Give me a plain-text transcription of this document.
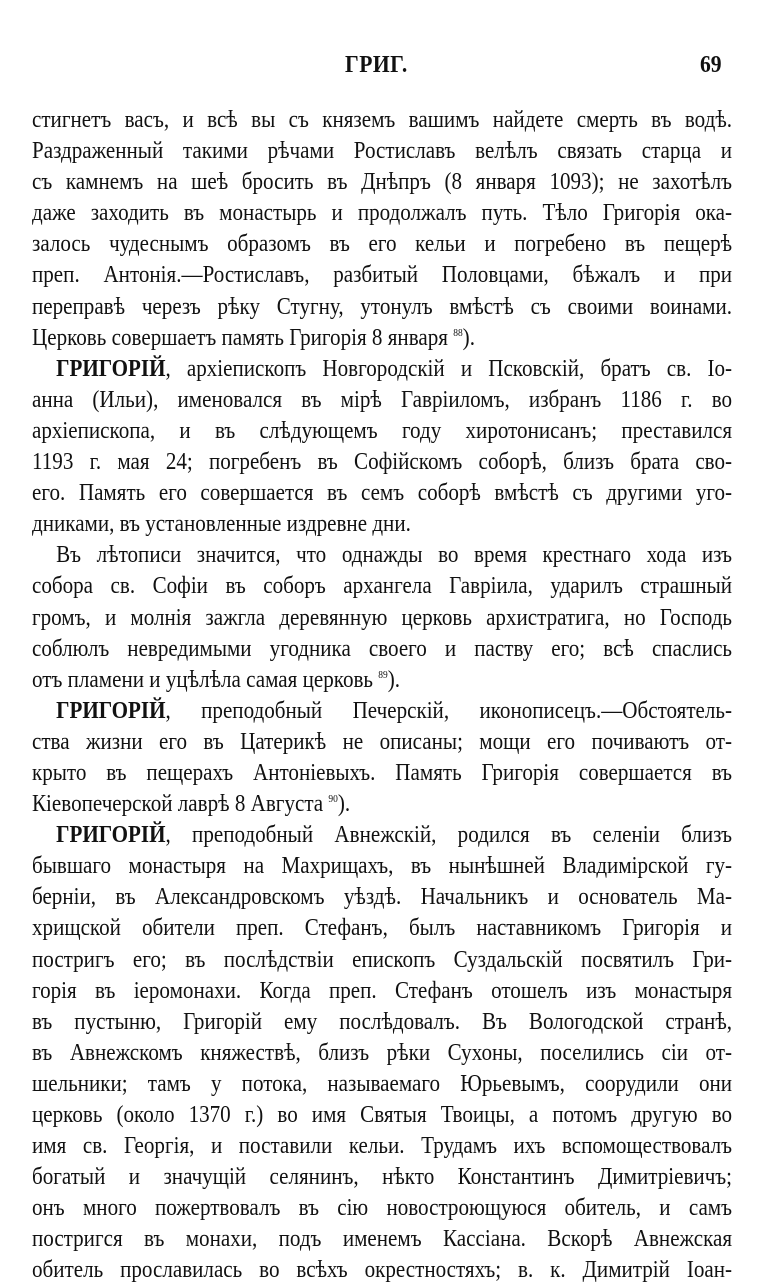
ГРИГ.	69
стигнетъ васъ, и всѣ вы съ княземъ вашимъ найдете смерть въ водѣ.
Раздраженный такими рѣчами Ростиславъ велѣлъ связать старца и
съ камнемъ на шеѣ бросить въ Днѣпръ (8 января 1093); не захотѣлъ
даже заходить въ монастырь и продолжалъ путь. Тѣло Григорія ока-
залось чудеснымъ образомъ въ его кельи и погребено въ пещерѣ
преп. Антонія.—Ростиславъ, разбитый Половцами, бѣжалъ и при
переправѣ черезъ рѣку Стугну, утонулъ вмѣстѣ съ своими воинами.
Церковь совершаетъ память Григорія 8 января $^{88}$).
ГРИГОРІЙ, архіепископъ Новгородскій и Псковскій, братъ св. Іо-
анна (Ильи), именовался въ мірѣ Гавріиломъ, избранъ 1186 г. во
архіепископа, и въ слѣдующемъ году хиротонисанъ; преставился
1193 г. мая 24; погребенъ въ Софійскомъ соборѣ, близъ брата сво-
его. Память его совершается въ семъ соборѣ вмѣстѣ съ другими уго-
дниками, въ установленные издревне дни.
Въ лѣтописи значится, что однажды во время крестнаго хода изъ
собора св. Софіи въ соборъ архангела Гавріила, ударилъ страшный
громъ, и молнія зажгла деревянную церковь архистратига, но Господь
соблюлъ невредимыми угодника своего и паству его; всѣ спаслись
отъ пламени и уцѣлѣла самая церковь $^{89}$).
ГРИГОРІЙ, преподобный Печерскій, иконописецъ.—Обстоятель-
ства жизни его въ Цатерикѣ не описаны; мощи его почиваютъ от-
крыто въ пещерахъ Антоніевыхъ. Память Григорія совершается въ
Кіевопечерской лаврѣ 8 Августа $^{90}$).
ГРИГОРІЙ, преподобный Авнежскій, родился въ селеніи близъ
бывшаго монастыря на Махрищахъ, въ нынѣшней Владимірской гу-
берніи, въ Александровскомъ уѣздѣ. Начальникъ и основатель Ма-
хрищской обители преп. Стефанъ, былъ наставникомъ Григорія и
постригъ его; въ послѣдствіи епископъ Суздальскій посвятилъ Гри-
горія въ іеромонахи. Когда преп. Стефанъ отошелъ изъ монастыря
въ пустыню, Григорій ему послѣдовалъ. Въ Вологодской странѣ,
въ Авнежскомъ княжествѣ, близъ рѣки Сухоны, поселились сіи от-
шельники; тамъ у потока, называемаго Юрьевымъ, соорудили они
церковь (около 1370 г.) во имя Святыя Твоицы, а потомъ другую во
имя св. Георгія, и поставили кельи. Трудамъ ихъ вспомоществовалъ
богатый и значущій селянинъ, нѣкто Константинъ Димитріевичъ;
онъ много пожертвовалъ въ сію новостроющуюся обитель, и самъ
постригся въ монахи, подъ именемъ Кассіана. Вскорѣ Авнежская
обитель прославилась во всѣхъ окрестностяхъ; в. к. Димитрій Іоан-
